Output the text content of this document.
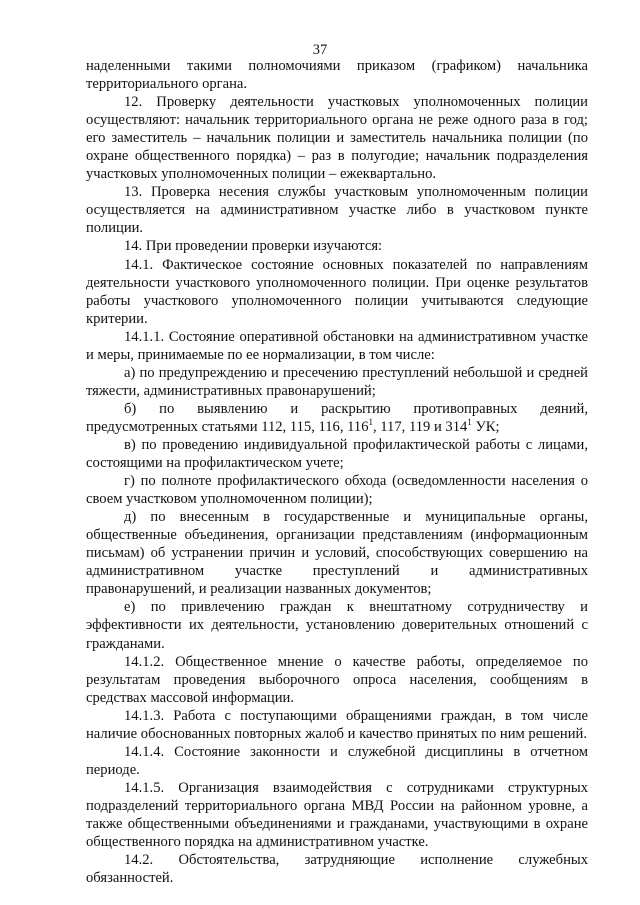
37

наделенными такими полномочиями приказом (графиком) начальника территориального органа.

12. Проверку деятельности участковых уполномоченных полиции осуществляют: начальник территориального органа не реже одного раза в год; его заместитель – начальник полиции и заместитель начальника полиции (по охране общественного порядка) – раз в полугодие; начальник подразделения участковых уполномоченных полиции – ежеквартально.

13. Проверка несения службы участковым уполномоченным полиции осуществляется на административном участке либо в участковом пункте полиции.

14. При проведении проверки изучаются:

14.1. Фактическое состояние основных показателей по направлениям деятельности участкового уполномоченного полиции. При оценке результатов работы участкового уполномоченного полиции учитываются следующие критерии.

14.1.1. Состояние оперативной обстановки на административном участке и меры, принимаемые по ее нормализации, в том числе:

а) по предупреждению и пресечению преступлений небольшой и средней тяжести, административных правонарушений;

б) по выявлению и раскрытию противоправных деяний, предусмотренных статьями 112, 115, 116, $116^1$, 117, 119 и $314^1$ УК;

в) по проведению индивидуальной профилактической работы с лицами, состоящими на профилактическом учете;

г) по полноте профилактического обхода (осведомленности населения о своем участковом уполномоченном полиции);

д) по внесенным в государственные и муниципальные органы, общественные объединения, организации представлениям (информационным письмам) об устранении причин и условий, способствующих совершению на административном участке преступлений и административных правонарушений, и реализации названных документов;

е) по привлечению граждан к внештатному сотрудничеству и эффективности их деятельности, установлению доверительных отношений с гражданами.

14.1.2. Общественное мнение о качестве работы, определяемое по результатам проведения выборочного опроса населения, сообщениям в средствах массовой информации.

14.1.3. Работа с поступающими обращениями граждан, в том числе наличие обоснованных повторных жалоб и качество принятых по ним решений.

14.1.4. Состояние законности и служебной дисциплины в отчетном периоде.

14.1.5. Организация взаимодействия с сотрудниками структурных подразделений территориального органа МВД России на районном уровне, а также общественными объединениями и гражданами, участвующими в охране общественного порядка на административном участке.

14.2. Обстоятельства, затрудняющие исполнение служебных обязанностей.
